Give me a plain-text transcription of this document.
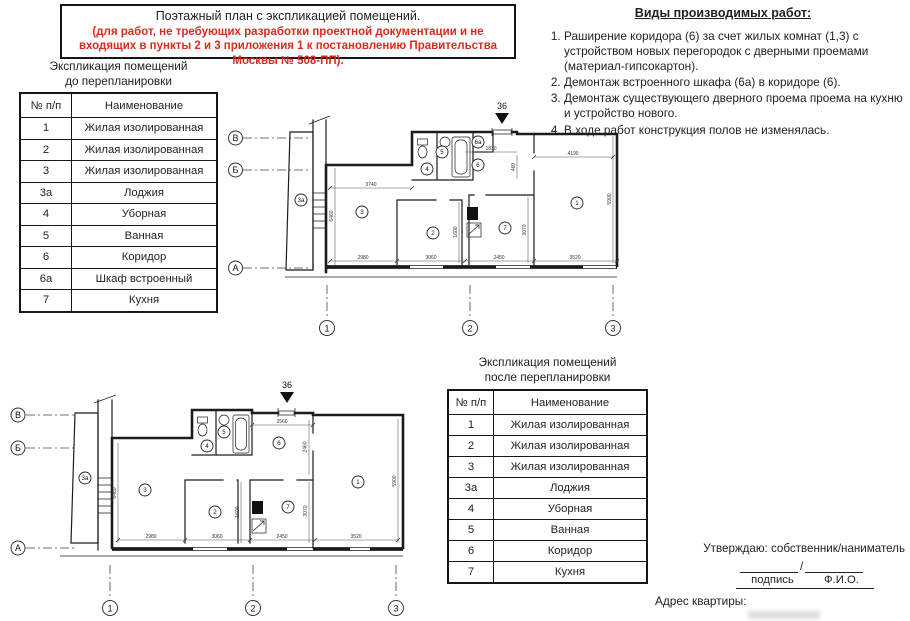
Поэтажный план с экспликацией помещений.
(для работ, не требующих разработки проектной документации и не входящих в пункты 2 и 3 приложения 1 к постановлению Правительства Москвы № 508-ПП).
Виды производимых работ:
1. Раширение коридора (6) за счет жилых комнат (1,3) с устройством новых перегородок с дверными проемами (материал-гипсокартон).
2. Демонтаж встроенного шкафа (6а) в коридоре (6).
3. Демонтаж существующего дверного проема проема на кухню и устройство нового.
4. В ходе работ конструкция полов не изменялась.
Экспликация помещений
до перепланировки
№ п/п	Наименование
1	Жилая изолированная
2	Жилая изолированная
3	Жилая изолированная
3а	Лоджия
4	Уборная
5	Ванная
6	Коридор
6а	Шкаф встроенный
7	Кухня
Экспликация помещений
после перепланировки
№ п/п	Наименование
1	Жилая изолированная
2	Жилая изолированная
3	Жилая изолированная
3а	Лоджия
4	Уборная
5	Ванная
6	Коридор
7	Кухня
36
3740
1830
4190
460
2980	3060	2450	3520
6460
1600	3070
5900
3а
3
2
4
5
6а
6
7
1
В
Б
А
1	2	3
36
2560
2460
2980	3060	2450	3520
6460
1600	3070
5900
3а
3
2
4
5
6
7
1
В
Б
А
1	2	3
Утверждаю: собственник/наниматель
/
подпись	Ф.И.О.
Адрес квартиры:
